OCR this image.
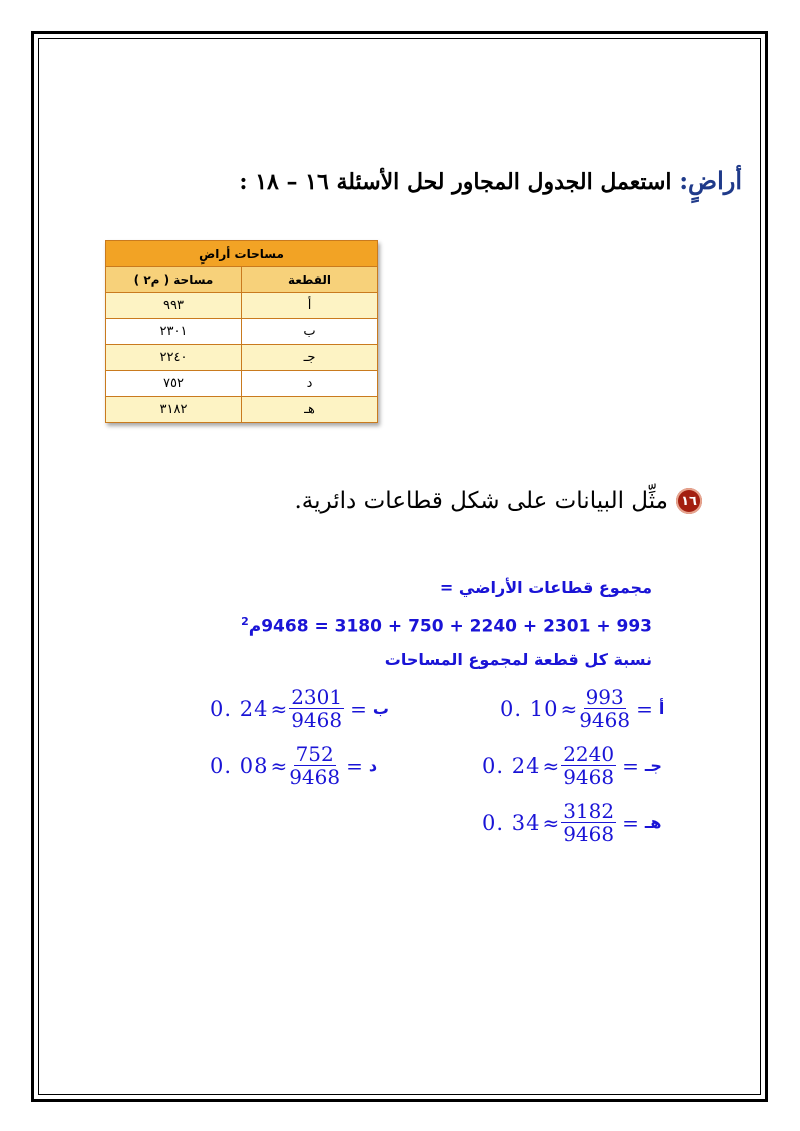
أراضٍ: استعمل الجدول المجاور لحل الأسئلة ١٦ – ١٨ :
مساحات أراضٍ	
القطعة	مساحة ( م٢ )
أ	٩٩٣
ب	٢٣٠١
جـ	٢٢٤٠
د	٧٥٢
هـ	٣١٨٢
١٦
مثِّل البيانات على شكل قطاعات دائرية.
مجموع قطاعات الأراضي =
$^2$993 + 2301 + 2240 + 750 + 3180 = 9468م
نسبة كل قطعة لمجموع المساحات
0. $10 \approx \frac{993}{9468}$ = أ
0. $24 \approx \frac{2301}{9468}$ = ب
0. $24 \approx \frac{2240}{9468}$ = جـ
0. $08 \approx \frac{752}{9468}$ = د
0. $34 \approx \frac{3182}{9468}$ = هـ
